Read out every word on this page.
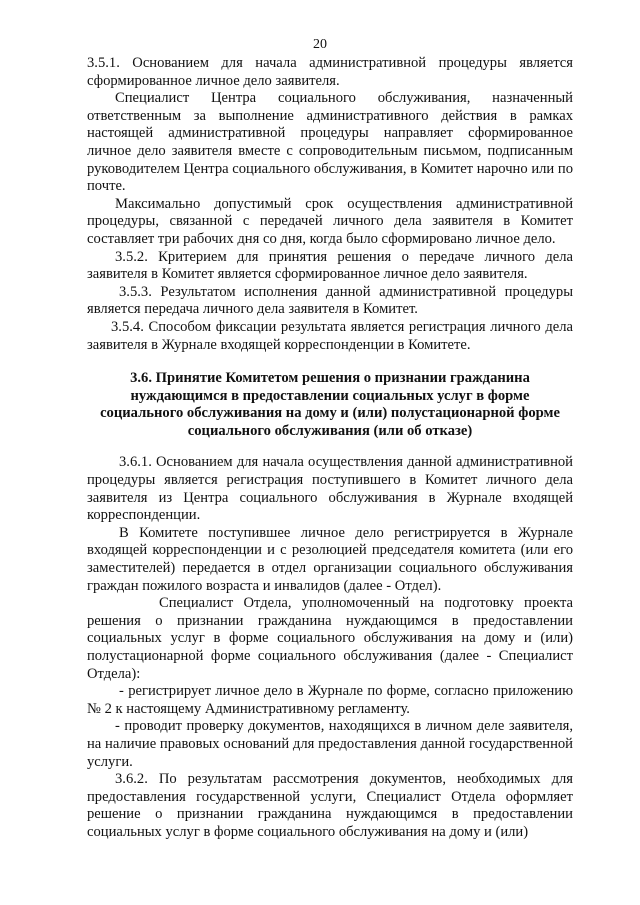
20

3.5.1. Основанием для начала административной процедуры является сформированное личное дело заявителя.

Специалист Центра социального обслуживания, назначенный ответственным за выполнение административного действия в рамках настоящей административной процедуры направляет сформированное личное дело заявителя вместе с сопроводительным письмом, подписанным руководителем Центра социального обслуживания, в Комитет нарочно или по почте.

Максимально допустимый срок осуществления административной процедуры, связанной с передачей личного дела заявителя в Комитет составляет три рабочих дня со дня, когда было сформировано личное дело.

3.5.2. Критерием для принятия решения о передаче личного дела заявителя в Комитет является сформированное личное дело заявителя.

3.5.3. Результатом исполнения данной административной процедуры является передача личного дела заявителя в Комитет.

3.5.4. Способом фиксации результата является регистрация личного дела заявителя в Журнале входящей корреспонденции в Комитете.

3.6. Принятие Комитетом решения о признании гражданина
нуждающимся в предоставлении социальных услуг в форме
социального обслуживания на дому и (или) полустационарной форме
социального обслуживания (или об отказе)

3.6.1. Основанием для начала осуществления данной административной процедуры является регистрация поступившего в Комитет личного дела заявителя из Центра социального обслуживания в Журнале входящей корреспонденции.

В Комитете поступившее личное дело регистрируется в Журнале входящей корреспонденции и с резолюцией председателя комитета (или его заместителей) передается в отдел организации социального обслуживания граждан пожилого возраста и инвалидов (далее - Отдел).

Специалист Отдела, уполномоченный на подготовку проекта решения о признании гражданина нуждающимся в предоставлении социальных услуг в форме социального обслуживания на дому и (или) полустационарной форме социального обслуживания (далее - Специалист Отдела):

- регистрирует личное дело в Журнале по форме, согласно приложению № 2 к настоящему Административному регламенту.

- проводит проверку документов, находящихся в личном деле заявителя, на наличие правовых оснований для предоставления данной государственной услуги.

3.6.2. По результатам рассмотрения документов, необходимых для предоставления государственной услуги, Специалист Отдела оформляет решение о признании гражданина нуждающимся в предоставлении социальных услуг в форме социального обслуживания на дому и (или)
